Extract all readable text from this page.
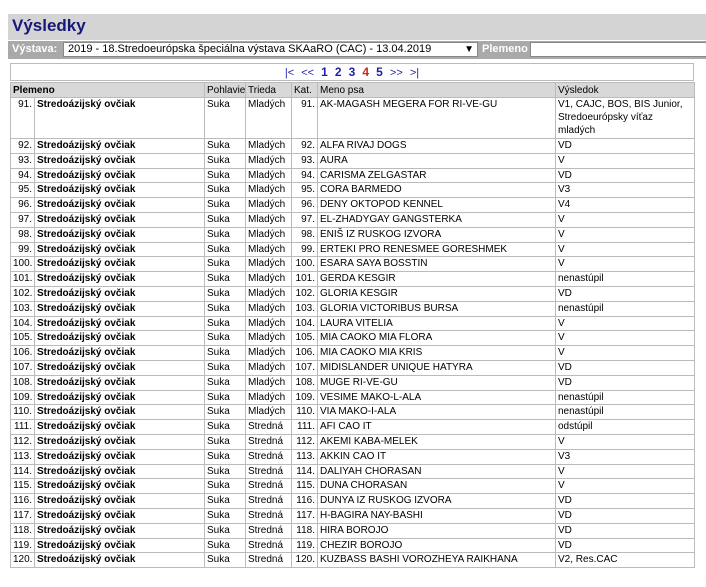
Výsledky
Výstava: 2019 - 18.Stredoeurópska špeciálna výstava SKAaRO (CAC) - 13.04.2019	▼ Plemeno
|< << 1 2 3 4 5 >> >|
Plemeno		Pohlavie	Trieda	Kat.	Meno psa	Výsledok
91.	Stredoázijský ovčiak	Suka	Mladých	91.	AK-MAGASH MEGERA FOR RI-VE-GU	V1, CAJC, BOS, BIS Junior, Stredoeurópsky víťaz mladých
92.	Stredoázijský ovčiak	Suka	Mladých	92.	ALFA RIVAJ DOGS	VD
93.	Stredoázijský ovčiak	Suka	Mladých	93.	AURA	V
94.	Stredoázijský ovčiak	Suka	Mladých	94.	CARISMA ZELGASTAR	VD
95.	Stredoázijský ovčiak	Suka	Mladých	95.	CORA BARMEDO	V3
96.	Stredoázijský ovčiak	Suka	Mladých	96.	DENY OKTOPOD KENNEL	V4
97.	Stredoázijský ovčiak	Suka	Mladých	97.	EL-ZHADYGAY GANGSTERKA	V
98.	Stredoázijský ovčiak	Suka	Mladých	98.	ENIŠ IZ RUSKOG IZVORA	V
99.	Stredoázijský ovčiak	Suka	Mladých	99.	ERTEKI PRO RENESMEE GORESHMEK	V
100.	Stredoázijský ovčiak	Suka	Mladých	100.	ESARA SAYA BOSSTIN	V
101.	Stredoázijský ovčiak	Suka	Mladých	101.	GERDA KESGIR	nenastúpil
102.	Stredoázijský ovčiak	Suka	Mladých	102.	GLORIA KESGIR	VD
103.	Stredoázijský ovčiak	Suka	Mladých	103.	GLORIA VICTORIBUS BURSA	nenastúpil
104.	Stredoázijský ovčiak	Suka	Mladých	104.	LAURA VITELIA	V
105.	Stredoázijský ovčiak	Suka	Mladých	105.	MIA CAOKO MIA FLORA	V
106.	Stredoázijský ovčiak	Suka	Mladých	106.	MIA CAOKO MIA KRIS	V
107.	Stredoázijský ovčiak	Suka	Mladých	107.	MIDISLANDER UNIQUE HATYRA	VD
108.	Stredoázijský ovčiak	Suka	Mladých	108.	MUGE RI-VE-GU	VD
109.	Stredoázijský ovčiak	Suka	Mladých	109.	VESIME MAKO-L-ALA	nenastúpil
110.	Stredoázijský ovčiak	Suka	Mladých	110.	VIA MAKO-I-ALA	nenastúpil
111.	Stredoázijský ovčiak	Suka	Stredná	111.	AFI CAO IT	odstúpil
112.	Stredoázijský ovčiak	Suka	Stredná	112.	AKEMI KABA-MELEK	V
113.	Stredoázijský ovčiak	Suka	Stredná	113.	AKKIN CAO IT	V3
114.	Stredoázijský ovčiak	Suka	Stredná	114.	DALIYAH CHORASAN	V
115.	Stredoázijský ovčiak	Suka	Stredná	115.	DUNA CHORASAN	V
116.	Stredoázijský ovčiak	Suka	Stredná	116.	DUNYA IZ RUSKOG IZVORA	VD
117.	Stredoázijský ovčiak	Suka	Stredná	117.	H-BAGIRA NAY-BASHI	VD
118.	Stredoázijský ovčiak	Suka	Stredná	118.	HIRA BOROJO	VD
119.	Stredoázijský ovčiak	Suka	Stredná	119.	CHEZIR BOROJO	VD
120.	Stredoázijský ovčiak	Suka	Stredná	120.	KUZBASS BASHI VOROZHEYA RAIKHANA	V2, Res.CAC
